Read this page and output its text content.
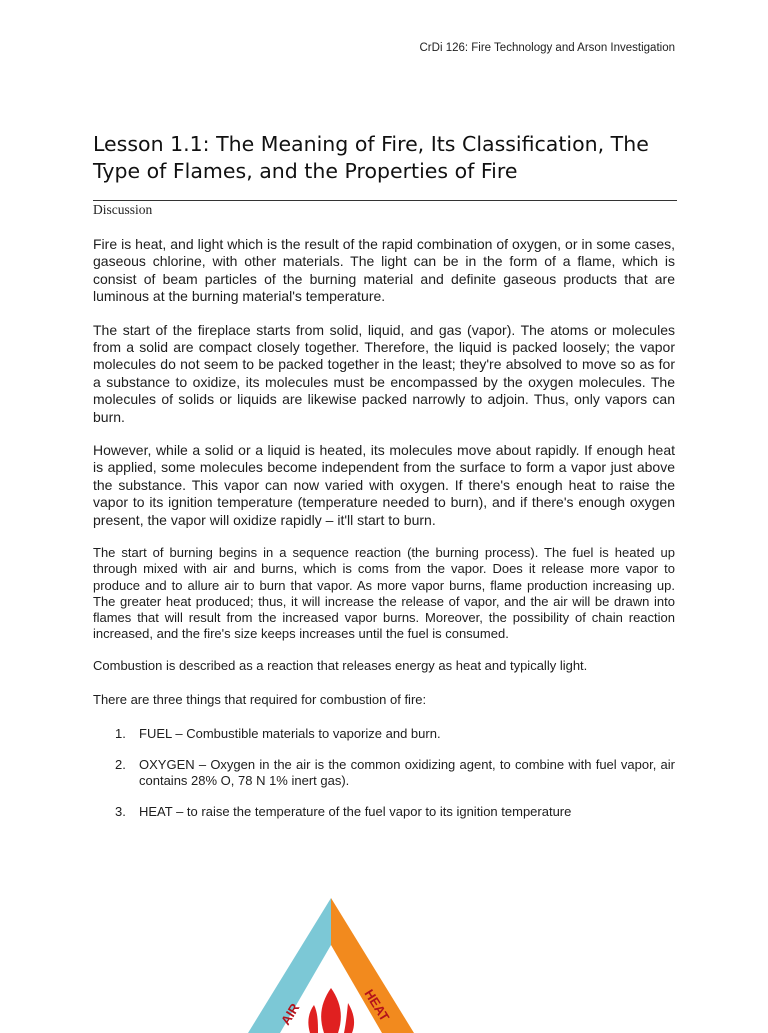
CrDi 126: Fire Technology and Arson Investigation
Lesson 1.1: The Meaning of Fire, Its Classification, The Type of Flames, and the Properties of Fire
Discussion

Fire is heat, and light which is the result of the rapid combination of oxygen, or in some cases, gaseous chlorine, with other materials. The light can be in the form of a flame, which is consist of beam particles of the burning material and definite gaseous products that are luminous at the burning material's temperature.

The start of the fireplace starts from solid, liquid, and gas (vapor). The atoms or molecules from a solid are compact closely together. Therefore, the liquid is packed loosely; the vapor molecules do not seem to be packed together in the least; they're absolved to move so as for a substance to oxidize, its molecules must be encompassed by the oxygen molecules. The molecules of solids or liquids are likewise packed narrowly to adjoin. Thus, only vapors can burn.

However, while a solid or a liquid is heated, its molecules move about rapidly. If enough heat is applied, some molecules become independent from the surface to form a vapor just above the substance. This vapor can now varied with oxygen. If there's enough heat to raise the vapor to its ignition temperature (temperature needed to burn), and if there's enough oxygen present, the vapor will oxidize rapidly – it'll start to burn.

The start of burning begins in a sequence reaction (the burning process). The fuel is heated up through mixed with air and burns, which is coms from the vapor. Does it release more vapor to produce and to allure air to burn that vapor. As more vapor burns, flame production increasing up. The greater heat produced; thus, it will increase the release of vapor, and the air will be drawn into flames that will result from the increased vapor burns. Moreover, the possibility of chain reaction increased, and the fire's size keeps increases until the fuel is consumed.

Combustion is described as a reaction that releases energy as heat and typically light.

There are three things that required for combustion of fire:

1. FUEL – Combustible materials to vaporize and burn.
2. OXYGEN – Oxygen in the air is the common oxidizing agent, to combine with fuel vapor, air contains 28% O, 78 N 1% inert gas).
3. HEAT – to raise the temperature of the fuel vapor to its ignition temperature
AIR	HEAT
